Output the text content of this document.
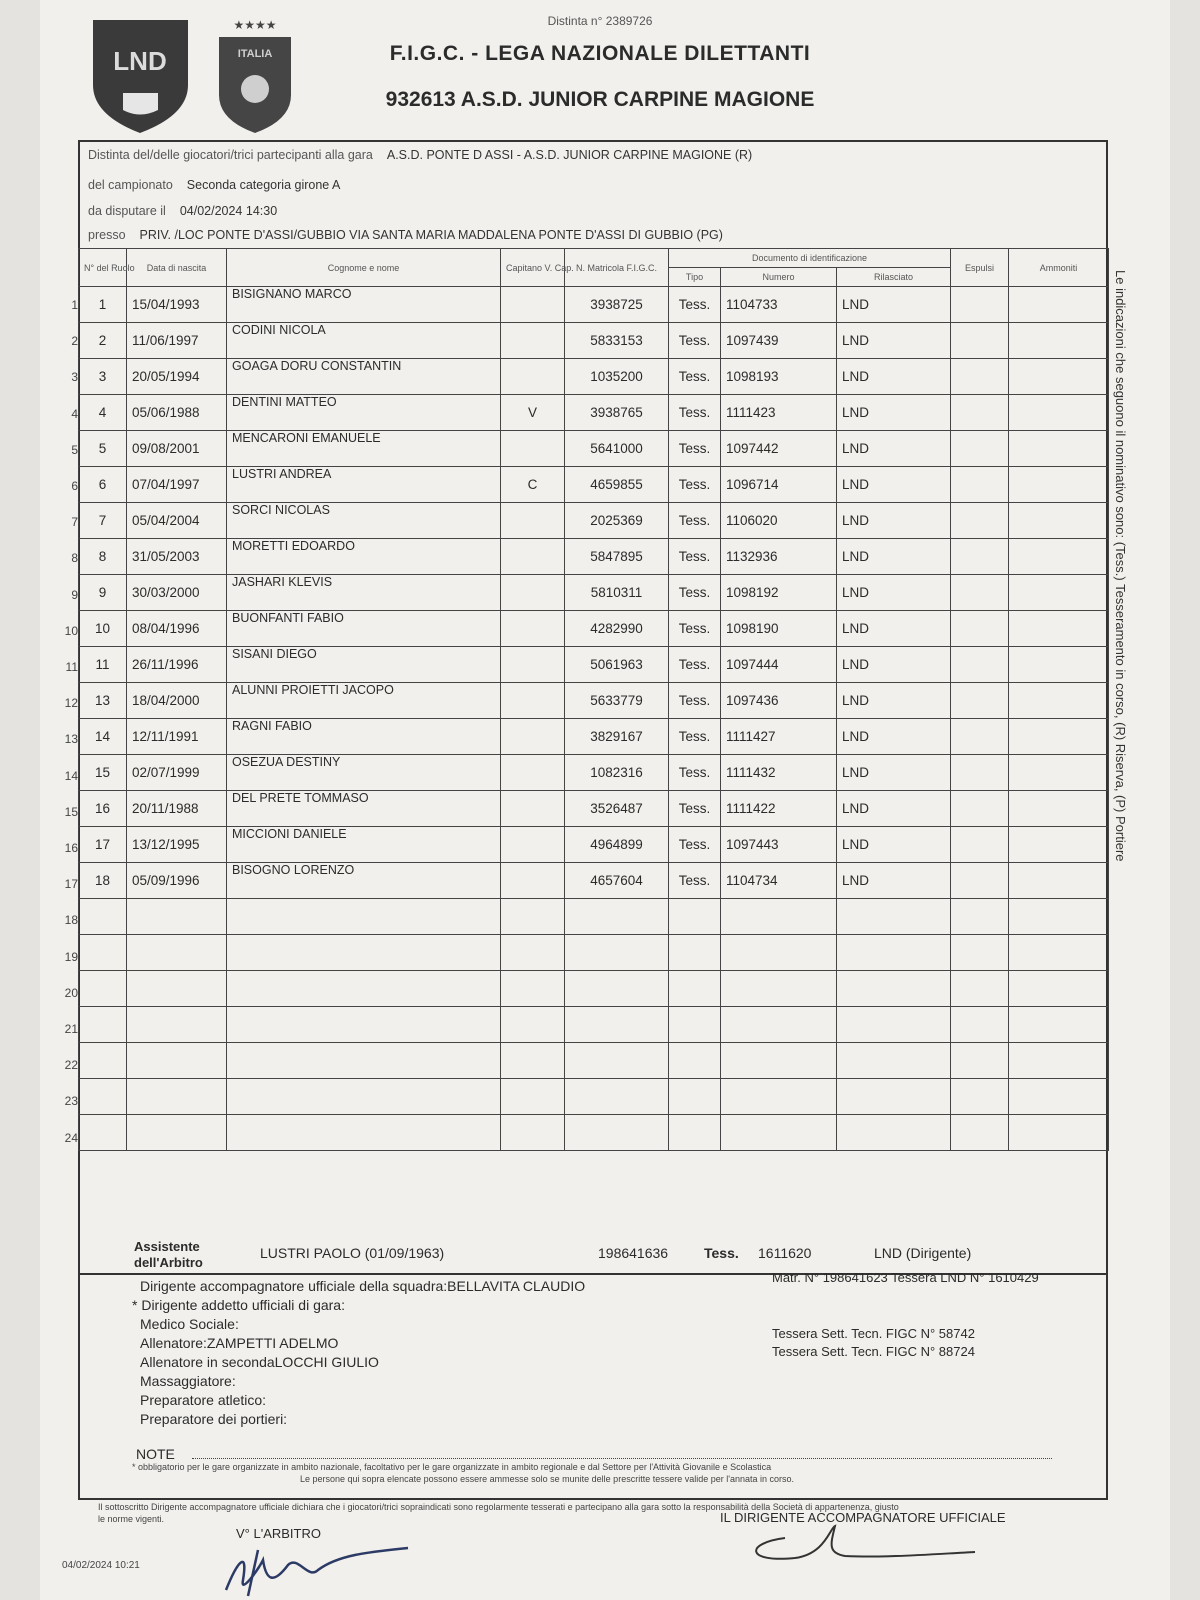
LND
★★★★
ITALIA
Distinta n° 2389726
F.I.G.C. - LEGA NAZIONALE DILETTANTI
932613 A.S.D. JUNIOR CARPINE MAGIONE
Distinta del/delle giocatori/trici partecipanti alla gara A.S.D. PONTE D ASSI - A.S.D. JUNIOR CARPINE MAGIONE (R)
del campionato Seconda categoria girone A
da disputare il 04/02/2024 14:30
presso PRIV. /LOC PONTE D'ASSI/GUBBIO VIA SANTA MARIA MADDALENA PONTE D'ASSI DI GUBBIO (PG)
N° del Ruolo	Data di nascita	Cognome e nome	Capitano V. Cap.	N. Matricola F.I.G.C.	Documento di identificazione			Espulsi	Ammoniti
					Tipo	Numero	Rilasciato		
1	15/04/1993	BISIGNANO MARCO		3938725	Tess.	1104733	LND		
2	11/06/1997	CODINI NICOLA		5833153	Tess.	1097439	LND		
3	20/05/1994	GOAGA DORU CONSTANTIN		1035200	Tess.	1098193	LND		
4	05/06/1988	DENTINI MATTEO	V	3938765	Tess.	1111423	LND		
5	09/08/2001	MENCARONI EMANUELE		5641000	Tess.	1097442	LND		
6	07/04/1997	LUSTRI ANDREA	C	4659855	Tess.	1096714	LND		
7	05/04/2004	SORCI NICOLAS		2025369	Tess.	1106020	LND		
8	31/05/2003	MORETTI EDOARDO		5847895	Tess.	1132936	LND		
9	30/03/2000	JASHARI KLEVIS		5810311	Tess.	1098192	LND		
10	08/04/1996	BUONFANTI FABIO		4282990	Tess.	1098190	LND		
11	26/11/1996	SISANI DIEGO		5061963	Tess.	1097444	LND		
13	18/04/2000	ALUNNI PROIETTI JACOPO		5633779	Tess.	1097436	LND		
14	12/11/1991	RAGNI FABIO		3829167	Tess.	1111427	LND		
15	02/07/1999	OSEZUA DESTINY		1082316	Tess.	1111432	LND		
16	20/11/1988	DEL PRETE TOMMASO		3526487	Tess.	1111422	LND		
17	13/12/1995	MICCIONI DANIELE		4964899	Tess.	1097443	LND		
18	05/09/1996	BISOGNO LORENZO		4657604	Tess.	1104734	LND		

1
2
3
4
5
6
7
8
9
10
11
12
13
14
15
16
17
18
19
20
21
22
23
24
Assistente
dell'Arbitro
LUSTRI PAOLO (01/09/1963)	198641636	Tess. 1611620	LND (Dirigente)
Dirigente accompagnatore ufficiale della squadra:BELLAVITA CLAUDIO
Matr. N° 198641623 Tessera LND N° 1610429
* Dirigente addetto ufficiali di gara:
Medico Sociale:
Allenatore:ZAMPETTI ADELMO
Tessera Sett. Tecn. FIGC N° 58742
Allenatore in secondaLOCCHI GIULIO
Tessera Sett. Tecn. FIGC N° 88724
Massaggiatore:
Preparatore atletico:
Preparatore dei portieri:
NOTE
* obbligatorio per le gare organizzate in ambito nazionale, facoltativo per le gare organizzate in ambito regionale e dal Settore per l'Attività Giovanile e Scolastica
Le persone qui sopra elencate possono essere ammesse solo se munite delle prescritte tessere valide per l'annata in corso.
Il sottoscritto Dirigente accompagnatore ufficiale dichiara che i giocatori/trici sopraindicati sono regolarmente tesserati e partecipano alla gara sotto la responsabilità della Società di appartenenza, giusto
le norme vigenti.
V° L'ARBITRO
IL DIRIGENTE ACCOMPAGNATORE UFFICIALE
04/02/2024 10:21
Le indicazioni che seguono il nominativo sono: (Tess.) Tesseramento in corso, (R) Riserva, (P) Portiere
